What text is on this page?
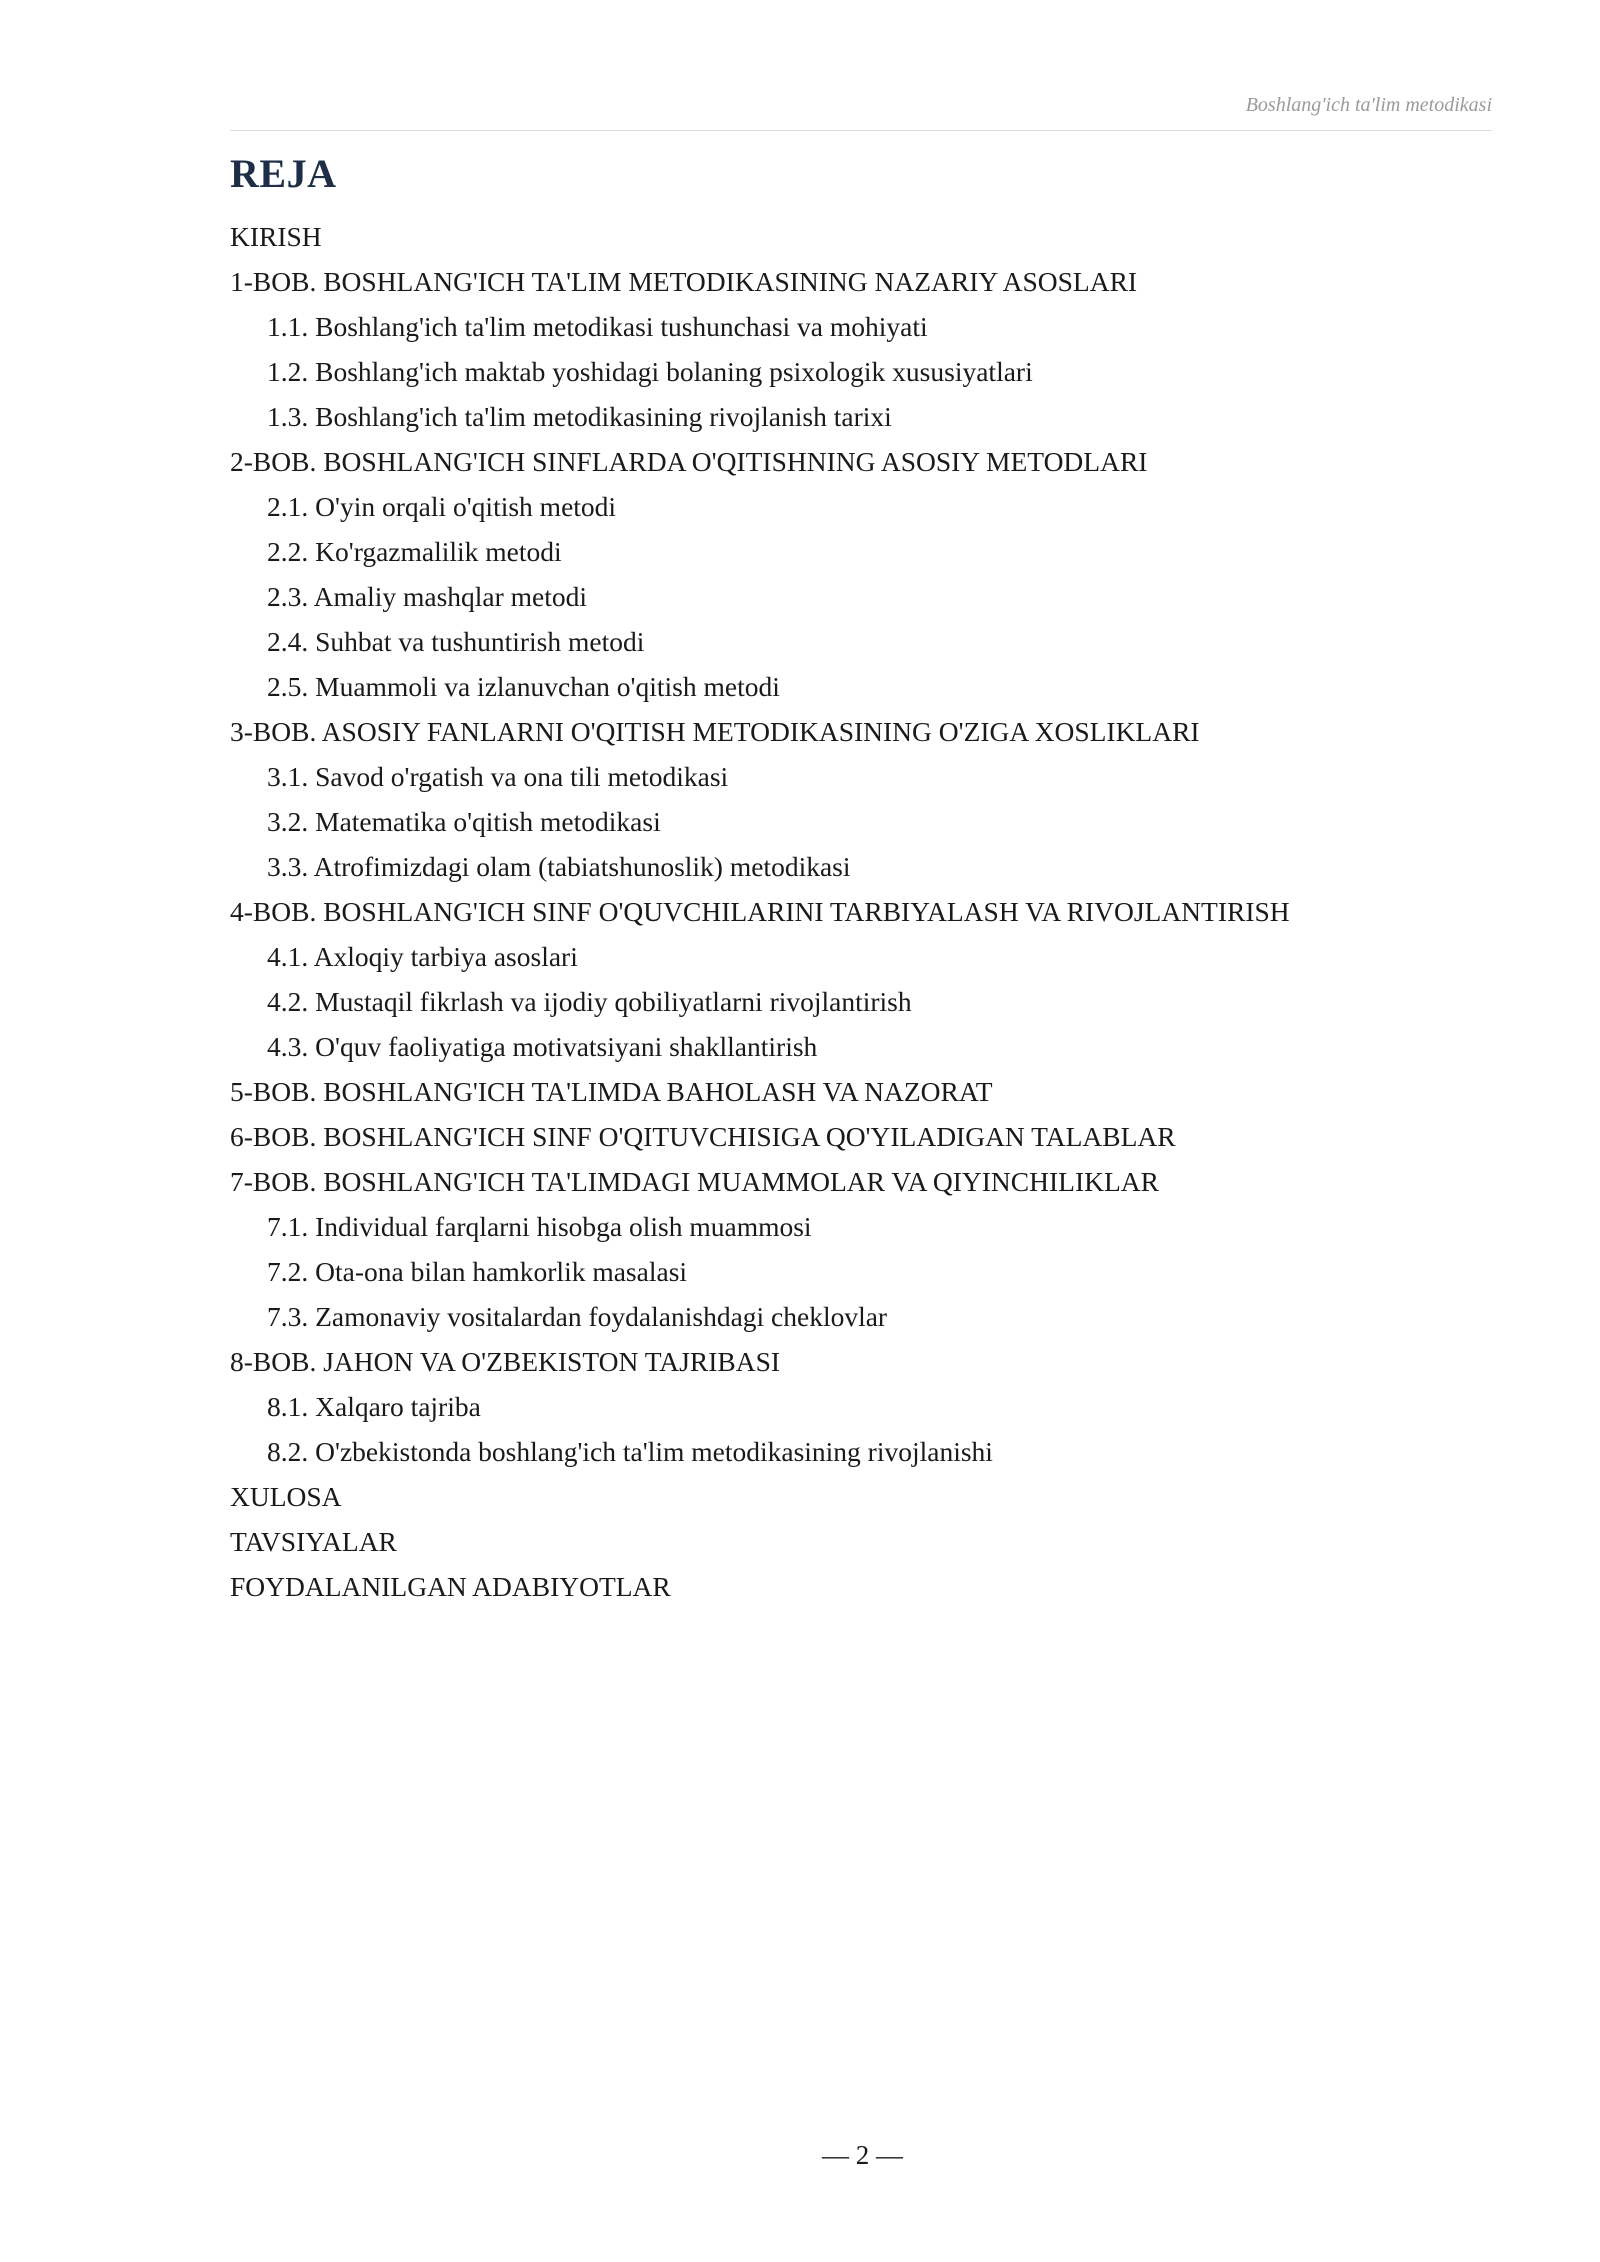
Boshlang'ich ta'lim metodikasi
REJA
KIRISH
1-BOB. BOSHLANG'ICH TA'LIM METODIKASINING NAZARIY ASOSLARI
1.1. Boshlang'ich ta'lim metodikasi tushunchasi va mohiyati
1.2. Boshlang'ich maktab yoshidagi bolaning psixologik xususiyatlari
1.3. Boshlang'ich ta'lim metodikasining rivojlanish tarixi
2-BOB. BOSHLANG'ICH SINFLARDA O'QITISHNING ASOSIY METODLARI
2.1. O'yin orqali o'qitish metodi
2.2. Ko'rgazmalilik metodi
2.3. Amaliy mashqlar metodi
2.4. Suhbat va tushuntirish metodi
2.5. Muammoli va izlanuvchan o'qitish metodi
3-BOB. ASOSIY FANLARNI O'QITISH METODIKASINING O'ZIGA XOSLIKLARI
3.1. Savod o'rgatish va ona tili metodikasi
3.2. Matematika o'qitish metodikasi
3.3. Atrofimizdagi olam (tabiatshunoslik) metodikasi
4-BOB. BOSHLANG'ICH SINF O'QUVCHILARINI TARBIYALASH VA RIVOJLANTIRISH
4.1. Axloqiy tarbiya asoslari
4.2. Mustaqil fikrlash va ijodiy qobiliyatlarni rivojlantirish
4.3. O'quv faoliyatiga motivatsiyani shakllantirish
5-BOB. BOSHLANG'ICH TA'LIMDA BAHOLASH VA NAZORAT
6-BOB. BOSHLANG'ICH SINF O'QITUVCHISIGA QO'YILADIGAN TALABLAR
7-BOB. BOSHLANG'ICH TA'LIMDAGI MUAMMOLAR VA QIYINCHILIKLAR
7.1. Individual farqlarni hisobga olish muammosi
7.2. Ota-ona bilan hamkorlik masalasi
7.3. Zamonaviy vositalardan foydalanishdagi cheklovlar
8-BOB. JAHON VA O'ZBEKISTON TAJRIBASI
8.1. Xalqaro tajriba
8.2. O'zbekistonda boshlang'ich ta'lim metodikasining rivojlanishi
XULOSA
TAVSIYALAR
FOYDALANILGAN ADABIYOTLAR
— 2 —
